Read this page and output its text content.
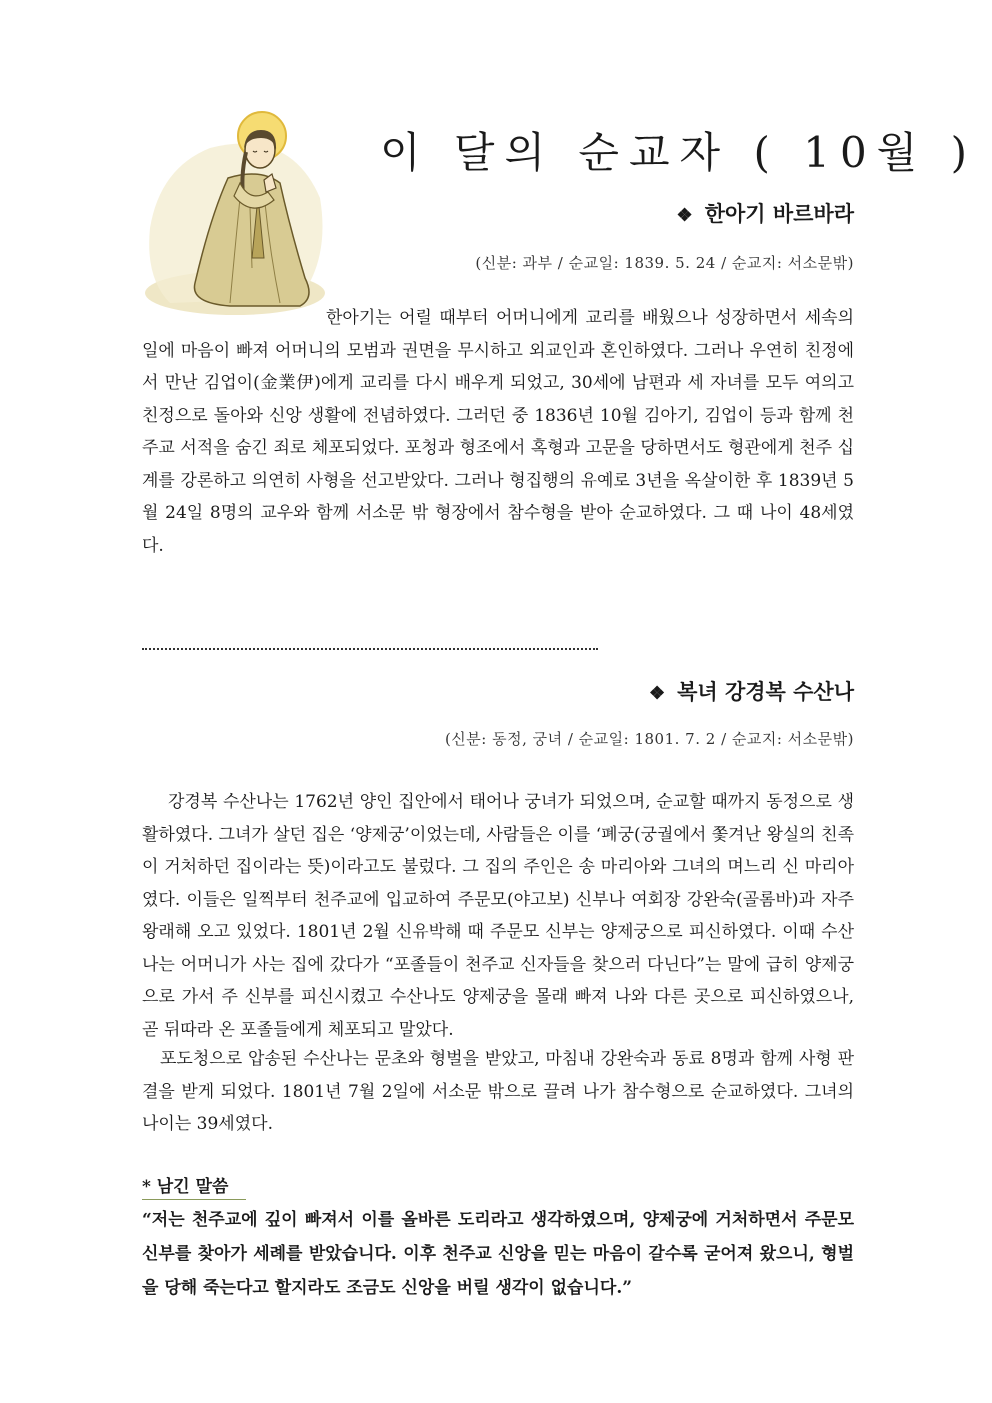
이 달의 순교자 ( 10월 )
❖ 한아기 바르바라
(신분: 과부 / 순교일: 1839. 5. 24 / 순교지: 서소문밖)

한아기는 어릴 때부터 어머니에게 교리를 배웠으나 성장하면서 세속의 일에 마음이 빠져 어머니의 모범과 권면을 무시하고 외교인과 혼인하였다. 그러나 우연히 친정에서 만난 김업이(金業伊)에게 교리를 다시 배우게 되었고, 30세에 남편과 세 자녀를 모두 여의고 친정으로 돌아와 신앙 생활에 전념하였다. 그러던 중 1836년 10월 김아기, 김업이 등과 함께 천주교 서적을 숨긴 죄로 체포되었다. 포청과 형조에서 혹형과 고문을 당하면서도 형관에게 천주 십계를 강론하고 의연히 사형을 선고받았다. 그러나 형집행의 유예로 3년을 옥살이한 후 1839년 5월 24일 8명의 교우와 함께 서소문 밖 형장에서 참수형을 받아 순교하였다. 그 때 나이 48세였다.

❖ 복녀 강경복 수산나
(신분: 동정, 궁녀 / 순교일: 1801. 7. 2 / 순교지: 서소문밖)

강경복 수산나는 1762년 양인 집안에서 태어나 궁녀가 되었으며, 순교할 때까지 동정으로 생활하였다. 그녀가 살던 집은 ‘양제궁’이었는데, 사람들은 이를 ‘폐궁(궁궐에서 쫓겨난 왕실의 친족이 거처하던 집이라는 뜻)이라고도 불렀다. 그 집의 주인은 송 마리아와 그녀의 며느리 신 마리아였다. 이들은 일찍부터 천주교에 입교하여 주문모(야고보) 신부나 여회장 강완숙(골롬바)과 자주 왕래해 오고 있었다. 1801년 2월 신유박해 때 주문모 신부는 양제궁으로 피신하였다. 이때 수산나는 어머니가 사는 집에 갔다가 “포졸들이 천주교 신자들을 찾으러 다닌다”는 말에 급히 양제궁으로 가서 주 신부를 피신시켰고 수산나도 양제궁을 몰래 빠져 나와 다른 곳으로 피신하였으나, 곧 뒤따라 온 포졸들에게 체포되고 말았다.

포도청으로 압송된 수산나는 문초와 형벌을 받았고, 마침내 강완숙과 동료 8명과 함께 사형 판결을 받게 되었다. 1801년 7월 2일에 서소문 밖으로 끌려 나가 참수형으로 순교하였다. 그녀의 나이는 39세였다.

* 남긴 말씀

“저는 천주교에 깊이 빠져서 이를 올바른 도리라고 생각하였으며, 양제궁에 거처하면서 주문모 신부를 찾아가 세례를 받았습니다. 이후 천주교 신앙을 믿는 마음이 갈수록 굳어져 왔으니, 형벌을 당해 죽는다고 할지라도 조금도 신앙을 버릴 생각이 없습니다.”
